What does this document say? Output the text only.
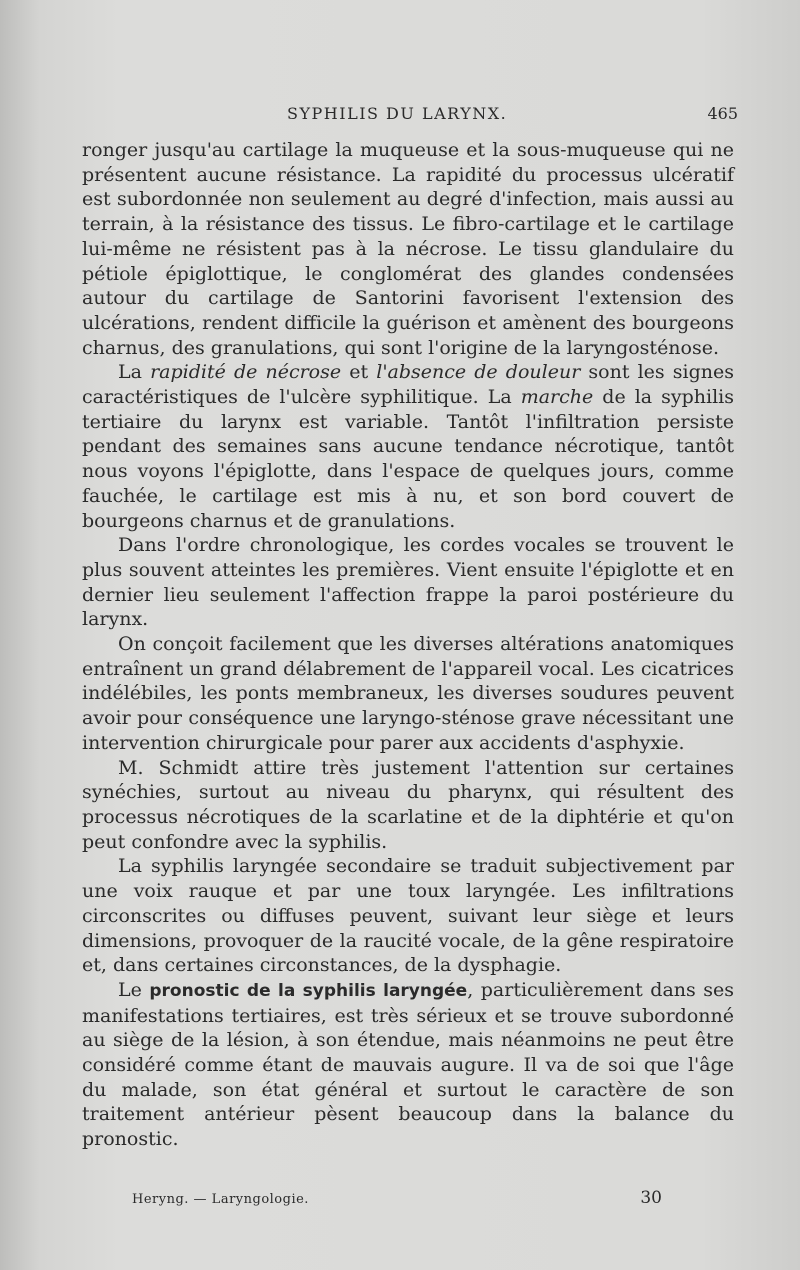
SYPHILIS DU LARYNX.	465

ronger jusqu'au cartilage la muqueuse et la sous-muqueuse qui ne présentent aucune résistance. La rapidité du processus ulcératif est subordonnée non seulement au degré d'infection, mais aussi au terrain, à la résistance des tissus. Le fibro-cartilage et le cartilage lui-même ne résistent pas à la nécrose. Le tissu glandulaire du pétiole épiglottique, le conglomérat des glandes condensées autour du cartilage de Santorini favorisent l'extension des ulcérations, rendent difficile la guérison et amènent des bourgeons charnus, des granulations, qui sont l'origine de la laryngosténose.

La rapidité de nécrose et l'absence de douleur sont les signes caractéristiques de l'ulcère syphilitique. La marche de la syphilis tertiaire du larynx est variable. Tantôt l'infiltration persiste pendant des semaines sans aucune tendance nécrotique, tantôt nous voyons l'épiglotte, dans l'espace de quelques jours, comme fauchée, le cartilage est mis à nu, et son bord couvert de bourgeons charnus et de granulations.

Dans l'ordre chronologique, les cordes vocales se trouvent le plus souvent atteintes les premières. Vient ensuite l'épiglotte et en dernier lieu seulement l'affection frappe la paroi postérieure du larynx.

On conçoit facilement que les diverses altérations anatomiques entraînent un grand délabrement de l'appareil vocal. Les cicatrices indélébiles, les ponts membraneux, les diverses soudures peuvent avoir pour conséquence une laryngo-sténose grave nécessitant une intervention chirurgicale pour parer aux accidents d'asphyxie.

M. Schmidt attire très justement l'attention sur certaines synéchies, surtout au niveau du pharynx, qui résultent des processus nécrotiques de la scarlatine et de la diphtérie et qu'on peut confondre avec la syphilis.

La syphilis laryngée secondaire se traduit subjectivement par une voix rauque et par une toux laryngée. Les infiltrations circonscrites ou diffuses peuvent, suivant leur siège et leurs dimensions, provoquer de la raucité vocale, de la gêne respiratoire et, dans certaines circonstances, de la dysphagie.

Le pronostic de la syphilis laryngée, particulièrement dans ses manifestations tertiaires, est très sérieux et se trouve subordonné au siège de la lésion, à son étendue, mais néanmoins ne peut être considéré comme étant de mauvais augure. Il va de soi que l'âge du malade, son état général et surtout le caractère de son traitement antérieur pèsent beaucoup dans la balance du pronostic.

Heryng. — Laryngologie.	30
